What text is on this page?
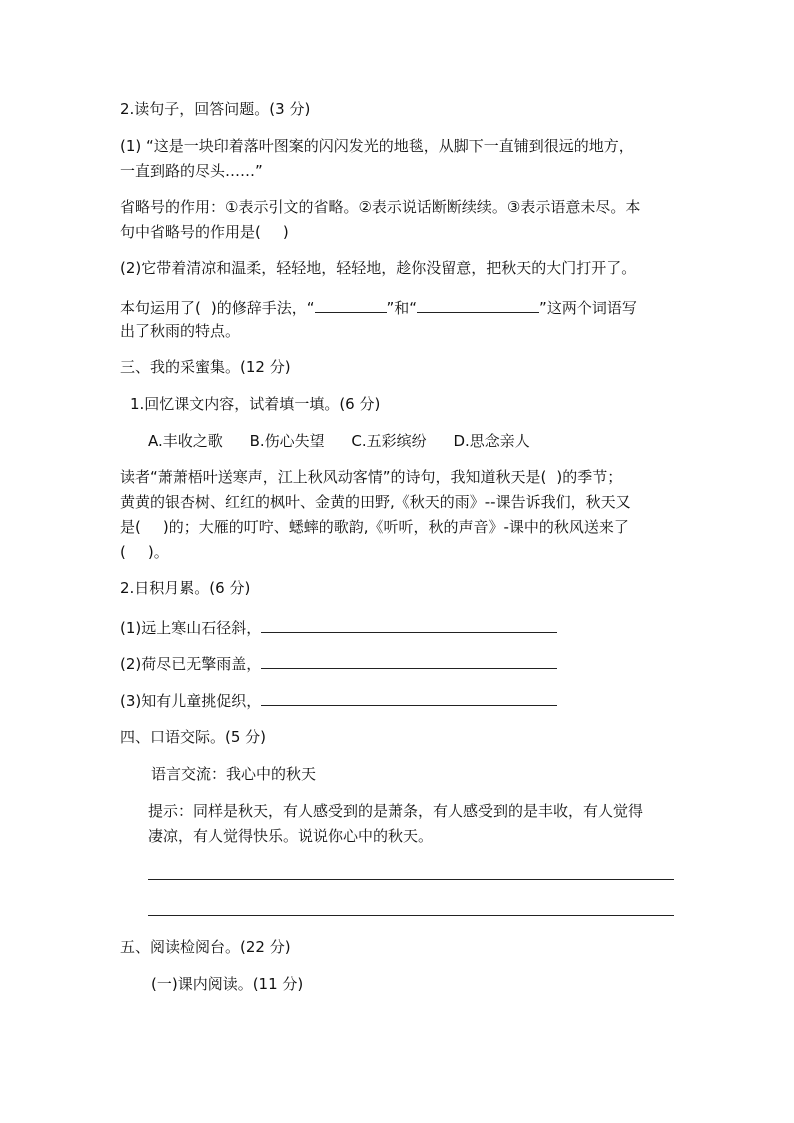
2.读句子，回答问题。(3 分)
(1) “这是一块印着落叶图案的闪闪发光的地毯，从脚下一直铺到很远的地方，
一直到路的尽头……”
省略号的作用：①表示引文的省略。②表示说话断断续续。③表示语意未尽。本
句中省略号的作用是( )
(2)它带着清凉和温柔，轻轻地，轻轻地，趁你没留意，把秋天的大门打开了。
本句运用了( )的修辞手法，“	”和“	”这两个词语写
出了秋雨的特点。
三、我的采蜜集。(12 分)
1.回忆课文内容，试着填一填。(6 分)
A.丰收之歌 B.伤心失望 C.五彩缤纷 D.思念亲人
读者“萧萧梧叶送寒声，江上秋风动客情”的诗句，我知道秋天是( )的季节；
黄黄的银杏树、红红的枫叶、金黄的田野,《秋天的雨》--课告诉我们，秋天又
是( )的；大雁的叮咛、蟋蟀的歌韵,《听听，秋的声音》-课中的秋风送来了
( )。
2.日积月累。(6 分)
(1)远上寒山石径斜，
(2)荷尽已无擎雨盖，
(3)知有儿童挑促织，
四、口语交际。(5 分)
语言交流：我心中的秋天
提示：同样是秋天，有人感受到的是萧条，有人感受到的是丰收，有人觉得
凄凉，有人觉得快乐。说说你心中的秋天。
五、阅读检阅台。(22 分)
(一)课内阅读。(11 分)
